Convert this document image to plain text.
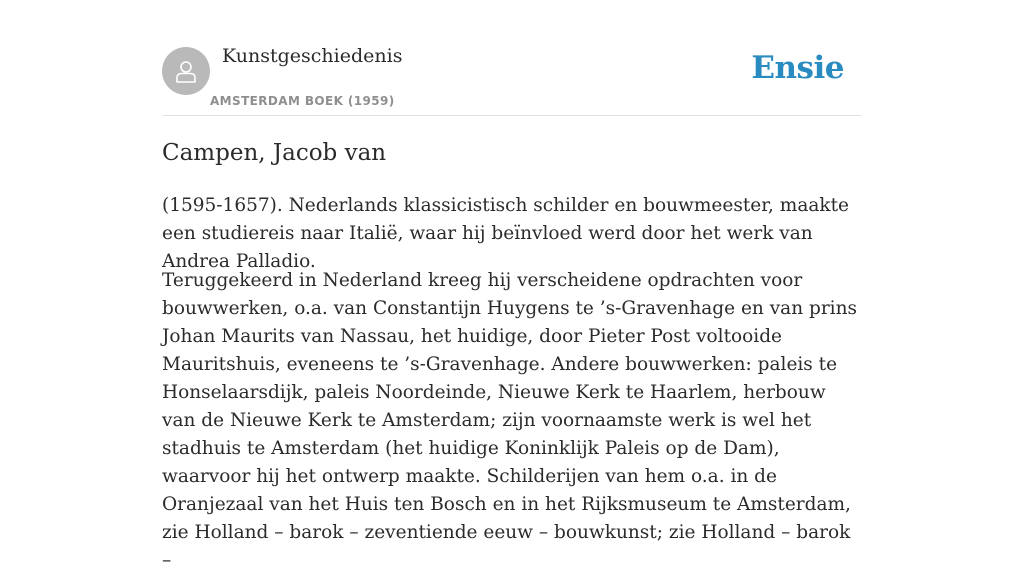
Kunstgeschiedenis
AMSTERDAM BOEK (1959)
Ensie
Campen, Jacob van

(1595-1657). Nederlands klassicistisch schilder en bouwmeester, maakte een studiereis naar Italië, waar hij beïnvloed werd door het werk van Andrea Palladio.

Teruggekeerd in Nederland kreeg hij verscheidene opdrachten voor bouwwerken, o.a. van Constantijn Huygens te ’s-Gravenhage en van prins Johan Maurits van Nassau, het huidige, door Pieter Post voltooide Mauritshuis, eveneens te ’s-Gravenhage. Andere bouwwerken: paleis te Honselaarsdijk, paleis Noordeinde, Nieuwe Kerk te Haarlem, herbouw van de Nieuwe Kerk te Amsterdam; zijn voornaamste werk is wel het stadhuis te Amsterdam (het huidige Koninklijk Paleis op de Dam), waarvoor hij het ontwerp maakte. Schilderijen van hem o.a. in de Oranjezaal van het Huis ten Bosch en in het Rijksmuseum te Amsterdam, zie Holland – barok – zeventiende eeuw – bouwkunst; zie Holland – barok –
